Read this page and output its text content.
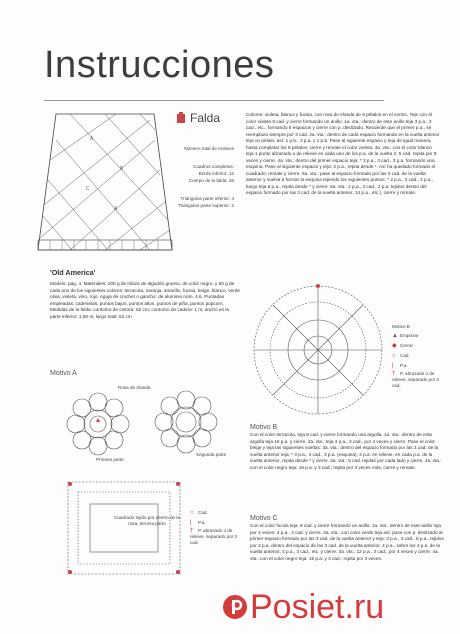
Instrucciones
A
B
C
A
Falda
Número total de motivos
Cuadros completos:
Borde inferior: 12
Cuerpo de la falda: 28
Triángulos parte inferior: 4
Triángulos parte superior: 2
Colores: violeta, blanco y fucsia, con rosa de irlanda de 8 pétalos en el centro. Teje con el color violeta 8 cad. y cierre formando un anillo. 1a. vta.: dentro de este anillo teja 3 p.a., 3 cad., etc., formando 8 espacios y cierre con p. deslizado. Recuerde que el primer p.a., se reemplaza siempre por 3 cad. 2a. vta.: dentro de cada espacio formando en la vuelta anterior teja un pétalo, así: 1 p.b., 3 p.a. y 1 p.b. Pase al siguiente espacio y teja de igual manera, hasta completar los 8 pétalos; cierre y remate el color violeta. 3a. vta.: con el color blanco teja 1 punto abrazado o de relieve en cada uno de los p.a. de la vuelta 2, 5 cad. repita por 8 veces y cierre. 4a. vta.: dentro del primer espacio teja: * 3 p.a., 3 cad., 3 p.a. formando una esquina. Pase al siguiente espacio y teja: 3 p.a., repita desde *. Así ha quedado formado el cuadrado; remate y cierre. 5a. vta.: pase al espacio formado por las 3 cad. de la vuelta anterior y vuelva a formar la esquina tejiendo los siguientes puntos: * 2 p.a., 3 cad., 2 p.a., luego teja 8 p.a., repita desde * y cierre. 6a. vta.: 2 p.a., 3 cad., 2 p.a. tejidos dentro del espacio formado por las 3 cad. de la vuelta anterior, 14 p.a., etc.), cierre y remate.
'Old America'
Modelo: pág. 4. Materiales: 200 g de hilaza de algodón grueso, de color negro, y 50 g de cada uno de los siguientes colores: terracota, naranja, amarillo, fucsia, beige, blanco, verde oliva, violeta, vino, rojo. Aguja de crochet o gancho: de aluminio núm. 4.6. Puntadas empleadas: cadenetas, puntos bajos, puntos altos, puntos de piña, puntos popcorn. Medidas de la falda: contorno de cintura: 62 cm; contorno de cadera: 1 m; ancho en la parte inferior: 1,60 m; largo total: 62 cm
Motivo A
Rosa de Irlanda
Primera parte
Segunda parte
Cuadrado tejido por dentro de la rosa, tercera parte
○ Cad.
| P.a.
† P. abrazado o de relieve, separado por 3 cad.
Motivo B
▲ Empezar
◆ Cerrar
○ Cad.
| P.a.
† P. abrazado o de relieve, separado por 3 cad.
Motivo B
Con el color terracota, teja 8 cad. y cierre formando una argolla. 1a. vta.: dentro de esta argolla teja 16 p.a. y cierre. 2a. vta.: teja 4 p.a., 3 cad., por 4 veces y cierre. Pase el color beige y teja las siguientes vueltas: 3a. vta.: dentro del espacio formado por las 3 cad. de la vuelta anterior teja: * 3 p.a., 3 cad., 3 p.a. (esquina), 3 p.a. en relieve, en cada p.a. de la vuelta anterior, repita desde * y cierre. 4a. vta.: 5 cad. tejidas por cada lado y cierre. 4a. vta.: con el color negro teja: 16 p.a. y 3 cad.; repita por 3 veces más, cierre y remate.
Motivo C
Con el color fucsia teja: 8 cad. y cierre formando un anillo. 1a. vta.: dentro de este anillo teja por 4 veces: 4 p.a., 3 cad. y cierre. 2a. vta.: con color verde teja así: pase con p. deslizado al primer espacio formado por las 3 cad. de la vuelta anterior y teja: 3 p.a., 3 cad., 8 p.a., tejidos por 2 p.a. dentro del espacio de las 3 cad. de la vuelta anterior, 4 p.a., sobre los 4 p.a. de la vuelta anterior, 3 p.a., 3 cad., etc. y cierre. 3a. vta.: 12 p.a., 3 cad., por 4 veces y cierre. 4a. vta.: con el color negro teja: 16 p.a. y 3 cad.; repita por 3 veces.
Posiet.ru
